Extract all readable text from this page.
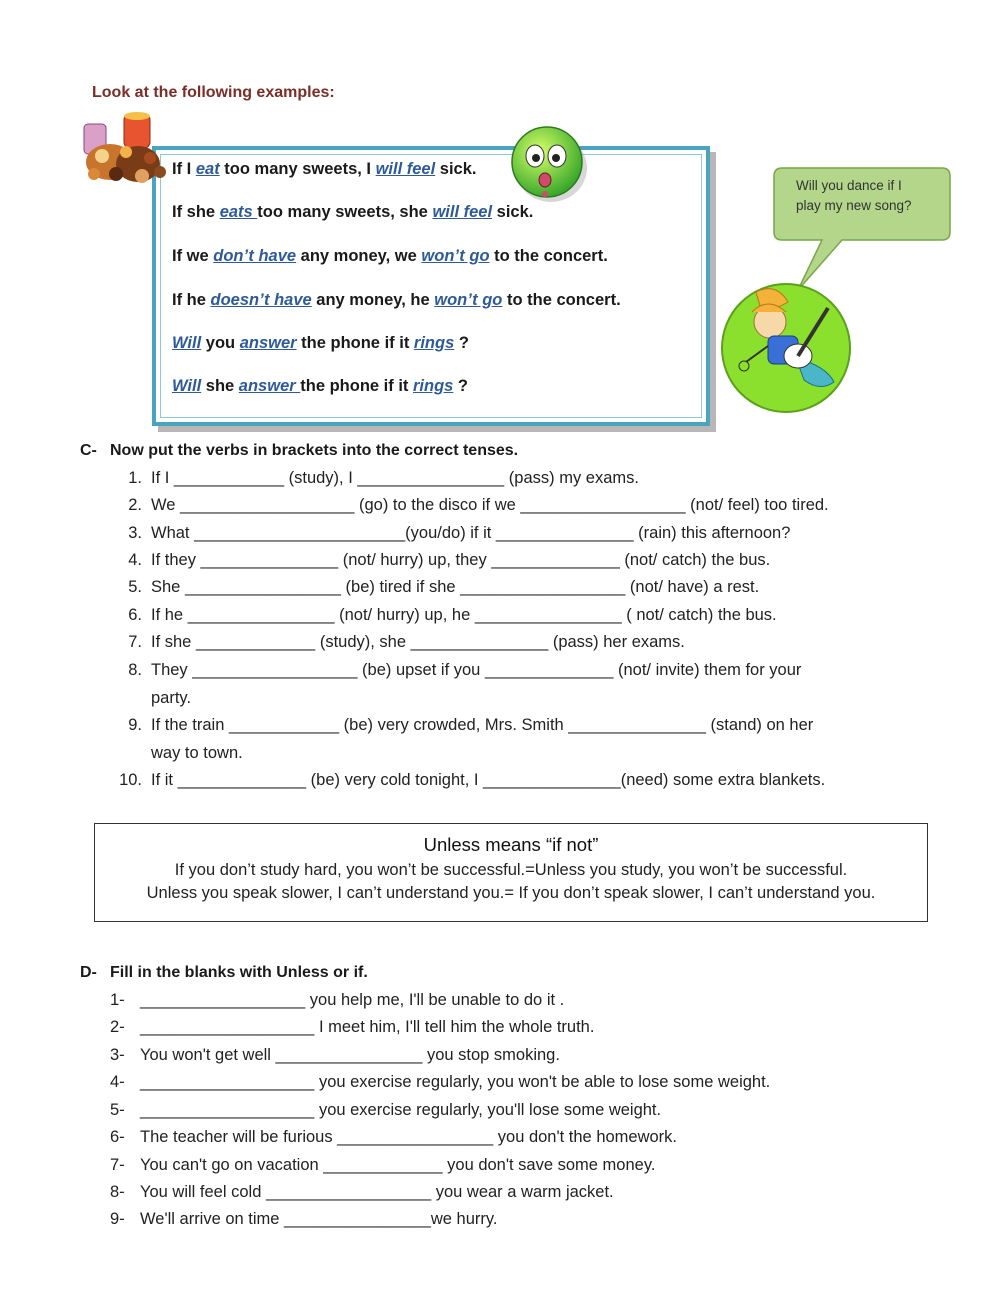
Look at the following examples:
If I eat too many sweets, I will feel sick.
If she eats too many sweets, she will feel sick.
If we don’t have any money, we won’t go to the concert.
If he doesn’t have any money, he won’t go to the concert.
Will you answer the phone if it rings ?
Will she answer the phone if it rings ?
Will you dance if I
play my new song?
C- Now put the verbs in brackets into the correct tenses.
1. If I ____________ (study), I ________________ (pass) my exams.
2. We ___________________ (go) to the disco if we __________________ (not/ feel) too tired.
3. What _______________________(you/do) if it _______________ (rain) this afternoon?
4. If they _______________ (not/ hurry) up, they ______________ (not/ catch) the bus.
5. She _________________ (be) tired if she __________________ (not/ have) a rest.
6. If he ________________ (not/ hurry) up, he ________________ ( not/ catch) the bus.
7. If she _____________ (study), she _______________ (pass) her exams.
8. They __________________ (be) upset if you ______________ (not/ invite) them for your
party.
9. If the train ____________ (be) very crowded, Mrs. Smith _______________ (stand) on her
way to town.
10. If it ______________ (be) very cold tonight, I _______________(need) some extra blankets.
Unless means “if not”
If you don’t study hard, you won’t be successful.=Unless you study, you won’t be successful.
Unless you speak slower, I can’t understand you.= If you don’t speak slower, I can’t understand you.
D- Fill in the blanks with Unless or if.
1- __________________ you help me, I'll be unable to do it .
2- ___________________ I meet him, I'll tell him the whole truth.
3- You won't get well ________________ you stop smoking.
4- ___________________ you exercise regularly, you won't be able to lose some weight.
5- ___________________ you exercise regularly, you'll lose some weight.
6- The teacher will be furious _________________ you don't the homework.
7- You can't go on vacation _____________ you don't save some money.
8- You will feel cold __________________ you wear a warm jacket.
9- We'll arrive on time ________________we hurry.
